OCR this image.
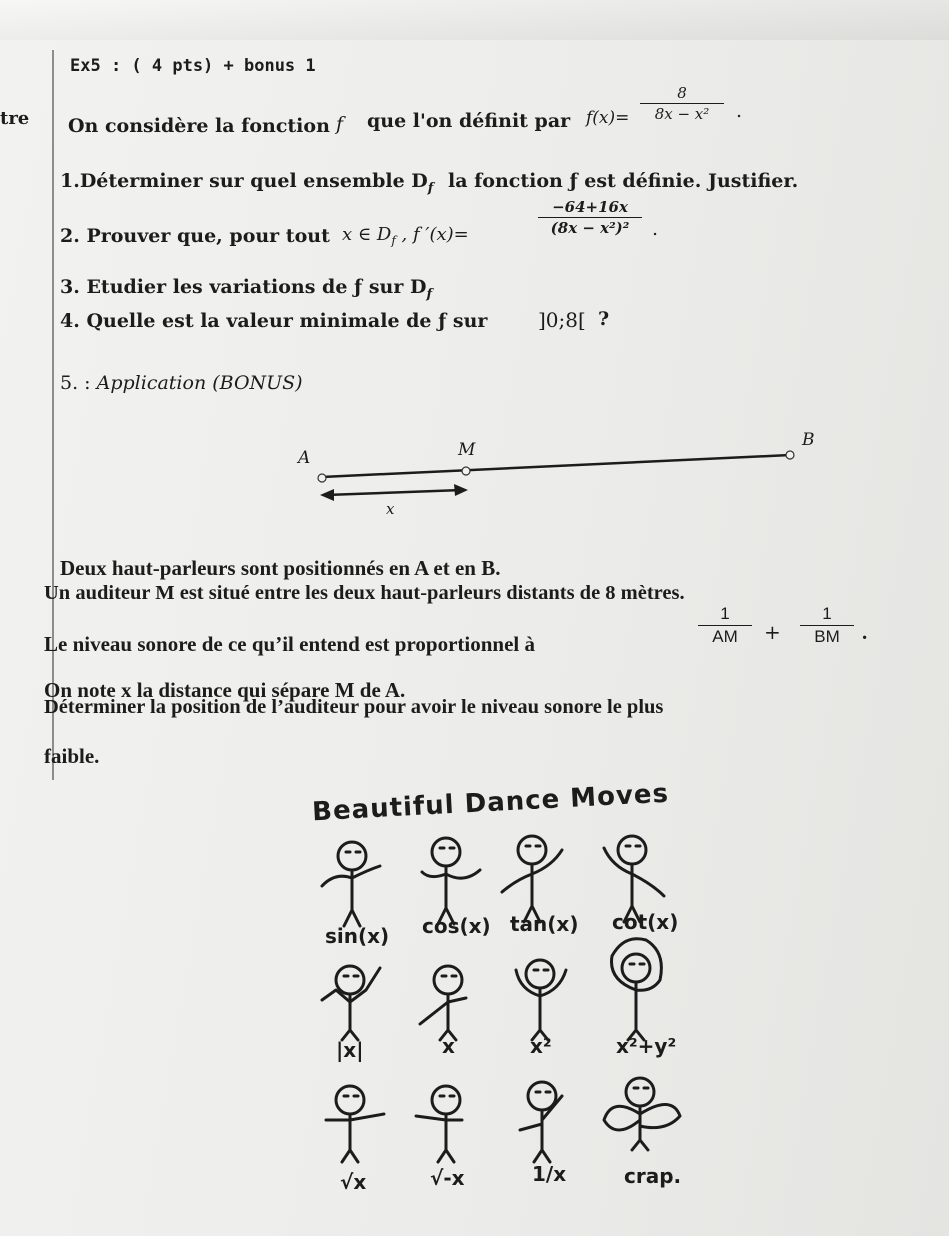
tre
Ex5 : ( 4 pts) + bonus 1
On considère la fonction f que l'on définit par f(x)=
8
8x − x²	.
1.Déterminer sur quel ensemble $D_f$ la fonction ƒ est définie. Justifier.
2. Prouver que, pour tout x ∈ $D_f$ , f ′(x)=
−64+16x
(8x − x²)²	.
3. Etudier les variations de ƒ sur $D_f$
4. Quelle est la valeur minimale de ƒ sur	]0;8[ ?
5. : Application (BONUS)
A	M	B
x
Deux haut-parleurs sont positionnés en A et en B.
Un auditeur M est situé entre les deux haut-parleurs distants de 8 mètres.
Le niveau sonore de ce qu’il entend est proportionnel à
1
AM	+
1
BM	.
On note x la distance qui sépare M de A.
Déterminer la position de l’auditeur pour avoir le niveau sonore le plus
faible.
Beautiful Dance Moves
sin(x) cos(x) tan(x) cot(x)
|x|	x	x²	x²+y²
√x	√-x	1/x	crap.
